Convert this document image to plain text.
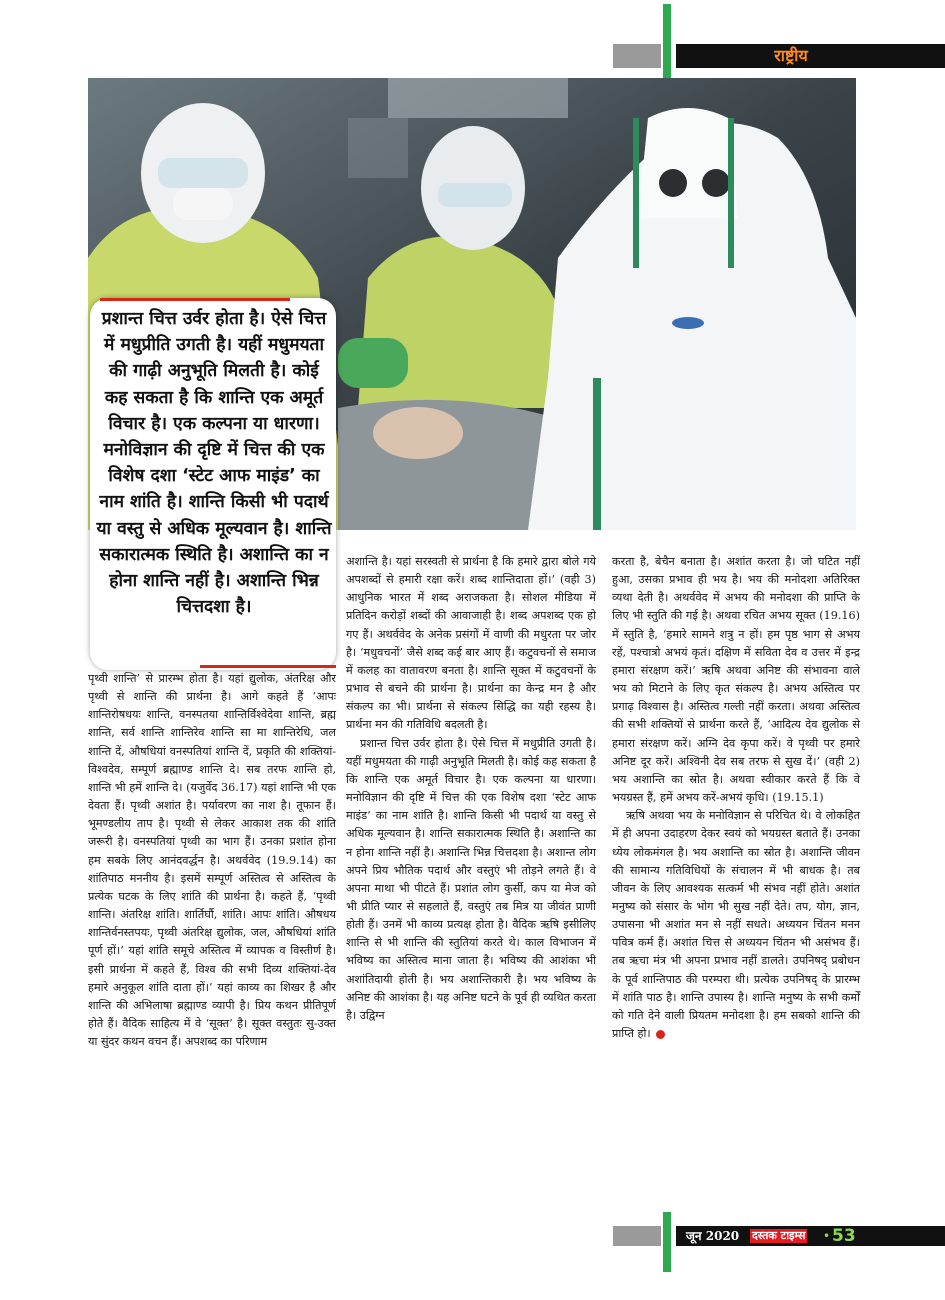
राष्ट्रीय
प्रशान्त चित्त उर्वर होता है। ऐसे चित्त में मधुप्रीति उगती है। यहीं मधुमयता की गाढ़ी अनुभूति मिलती है। कोई कह सकता है कि शान्ति एक अमूर्त विचार है। एक कल्पना या धारणा। मनोविज्ञान की दृष्टि में चित्त की एक विशेष दशा ‘स्टेट आफ माइंड’ का नाम शांति है। शान्ति किसी भी पदार्थ या वस्तु से अधिक मूल्यवान है। शान्ति सकारात्मक स्थिति है। अशान्ति का न होना शान्ति नहीं है। अशान्ति भिन्न चित्तदशा है।

पृथ्वी शान्ति’ से प्रारम्भ होता है। यहां द्युलोक, अंतरिक्ष और पृथ्वी से शान्ति की प्रार्थना है। आगे कहते हैं ‘आपः शान्तिरोषधयः शान्ति, वनस्पतया शान्तिर्विश्वेदेवा शान्ति, ब्रह्म शान्ति, सर्व शान्ति शान्तिरेव शान्ति सा मा शान्तिरेधि, जल शान्ति दें, औषधियां वनस्पतियां शान्ति दें, प्रकृति की शक्तियां-विश्वदेव, सम्पूर्ण ब्रह्माण्ड शान्ति दे। सब तरफ शान्ति हो, शान्ति भी हमें शान्ति दे। (यजुर्वेद 36.17) यहां शान्ति भी एक देवता हैं। पृथ्वी अशांत है। पर्यावरण का नाश है। तूफान हैं। भूमण्डलीय ताप है। पृथ्वी से लेकर आकाश तक की शांति जरूरी है। वनस्पतियां पृथ्वी का भाग हैं। उनका प्रशांत होना हम सबके लिए आनंदवर्द्धन है। अथर्ववेद (19.9.14) का शांतिपाठ मननीय है। इसमें सम्पूर्ण अस्तित्व से अस्तित्व के प्रत्येक घटक के लिए शांति की प्रार्थना है। कहते हैं, ‘पृथ्वी शान्ति। अंतरिक्ष शांति। शार्तिर्घौ, शांति। आपः शांति। औषधय शान्तिर्वनस्तपयः, पृथ्वी अंतरिक्ष द्युलोक, जल, औषधियां शांति पूर्ण हों।’ यहां शांति समूचे अस्तित्व में व्यापक व विस्तीर्ण है। इसी प्रार्थना में कहते हैं, विश्व की सभी दिव्य शक्तियां-देव हमारे अनुकूल शांति दाता हों।’ यहां काव्य का शिखर है और शान्ति की अभिलाषा ब्रह्माण्ड व्यापी है। प्रिय कथन प्रीतिपूर्ण होते हैं। वैदिक साहित्य में वे ‘सूक्त’ है। सूक्त वस्तुतः सु-उक्त या सुंदर कथन वचन हैं। अपशब्द का परिणाम

अशान्ति है। यहां सरस्वती से प्रार्थना है कि हमारे द्वारा बोले गये अपशब्दों से हमारी रक्षा करें। शब्द शान्तिदाता हों।’ (वही 3) आधुनिक भारत में शब्द अराजकता है। सोशल मीडिया में प्रतिदिन करोड़ों शब्दों की आवाजाही है। शब्द अपशब्द एक हो गए हैं। अथर्ववेद के अनेक प्रसंगों में वाणी की मधुरता पर जोर है। ‘मधुवचनों’ जैसे शब्द कई बार आए हैं। कटुवचनों से समाज में कलह का वातावरण बनता है। शान्ति सूक्त में कटुवचनों के प्रभाव से बचने की प्रार्थना है। प्रार्थना का केन्द्र मन है और संकल्प का भी। प्रार्थना से संकल्प सिद्धि का यही रहस्य है। प्रार्थना मन की गतिविधि बदलती है।

प्रशान्त चित्त उर्वर होता है। ऐसे चित्त में मधुप्रीति उगती है। यहीं मधुमयता की गाढ़ी अनुभूति मिलती है। कोई कह सकता है कि शान्ति एक अमूर्त विचार है। एक कल्पना या धारणा। मनोविज्ञान की दृष्टि में चित्त की एक विशेष दशा ‘स्टेट आफ माइंड’ का नाम शांति है। शान्ति किसी भी पदार्थ या वस्तु से अधिक मूल्यवान है। शान्ति सकारात्मक स्थिति है। अशान्ति का न होना शान्ति नहीं है। अशान्ति भिन्न चित्तदशा है। अशान्त लोग अपने प्रिय भौतिक पदार्थ और वस्तुएं भी तोड़ने लगते हैं। वे अपना माथा भी पीटते हैं। प्रशांत लोग कुर्सी, कप या मेज को भी प्रीति प्यार से सहलाते हैं, वस्तुएं तब मित्र या जीवंत प्राणी होती हैं। उनमें भी काव्य प्रत्यक्ष होता है। वैदिक ऋषि इसीलिए शान्ति से भी शान्ति की स्तुतियां करते थे। काल विभाजन में भविष्य का अस्तित्व माना जाता है। भविष्य की आशंका भी अशांतिदायी होती है। भय अशान्तिकारी है। भय भविष्य के अनिष्ट की आशंका है। यह अनिष्ट घटने के पूर्व ही व्यथित करता है। उद्विग्न

करता है, बेचैन बनाता है। अशांत करता है। जो घटित नहीं हुआ, उसका प्रभाव ही भय है। भय की मनोदशा अतिरिक्त व्यथा देती है। अथर्ववेद में अभय की मनोदशा की प्राप्ति के लिए भी स्तुति की गई है। अथवा रचित अभय सूक्त (19.16) में स्तुति है, ‘हमारे सामने शत्रु न हों। हम पृष्ठ भाग से अभय रहें, पश्चात्रो अभयं कृतं। दक्षिण में सविता देव व उत्तर में इन्द्र हमारा संरक्षण करें।’ ऋषि अथवा अनिष्ट की संभावना वाले भय को मिटाने के लिए कृत संकल्प है। अभय अस्तित्व पर प्रगाढ़ विश्वास है। अस्तित्व गल्ती नहीं करता। अथवा अस्तित्व की सभी शक्तियों से प्रार्थना करते हैं, ‘आदित्य देव द्युलोक से हमारा संरक्षण करें। अग्नि देव कृपा करें। वे पृथ्वी पर हमारे अनिष्ट दूर करें। अश्विनी देव सब तरफ से सुख दें।’ (वही 2) भय अशान्ति का स्रोत है। अथवा स्वीकार करते हैं कि वे भयग्रस्त हैं, हमें अभय करें-अभयं कृधि। (19.15.1)

ऋषि अथवा भय के मनोविज्ञान से परिचित थे। वे लोकहित में ही अपना उदाहरण देकर स्वयं को भयग्रस्त बताते हैं। उनका ध्येय लोकमंगल है। भय अशान्ति का स्रोत है। अशान्ति जीवन की सामान्य गतिविधियों के संचालन में भी बाधक है। तब जीवन के लिए आवश्यक सत्कर्म भी संभव नहीं होते। अशांत मनुष्य को संसार के भोग भी सुख नहीं देते। तप, योग, ज्ञान, उपासना भी अशांत मन से नहीं सधते। अध्ययन चिंतन मनन पवित्र कर्म हैं। अशांत चित्त से अध्ययन चिंतन भी असंभव हैं। तब ऋचा मंत्र भी अपना प्रभाव नहीं डालते। उपनिषद् प्रबोधन के पूर्व शान्तिपाठ की परम्परा थी। प्रत्येक उपनिषद् के प्रारम्भ में शांति पाठ है। शान्ति उपास्य है। शान्ति मनुष्य के सभी कर्मों को गति देने वाली प्रियतम मनोदशा है। हम सबको शान्ति की प्राप्ति हो।

जून 2020 दस्तक टाइम्स • 53
